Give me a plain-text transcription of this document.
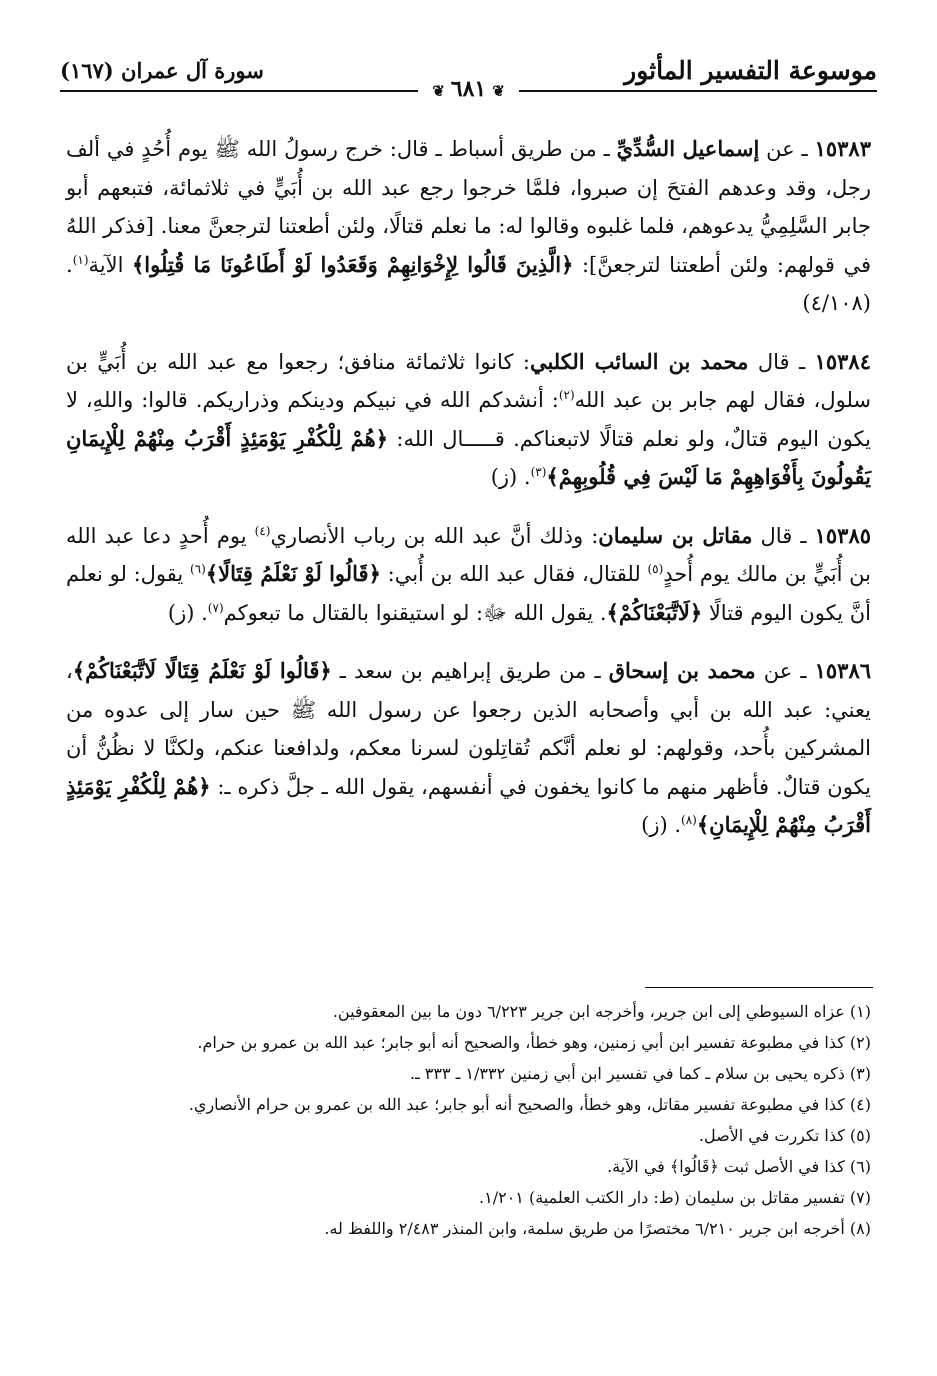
موسوعة التفسير المأثور
❦٦٨١❦
سورة آل عمران (١٦٧)

١٥٣٨٣ ـ عن إسماعيل السُّدِّيِّ ـ من طريق أسباط ـ قال: خرج رسولُ الله ﷺ يوم أُحُدٍ في ألف رجل، وقد وعدهم الفتحَ إن صبروا، فلمَّا خرجوا رجع عبد الله بن أُبَيٍّ في ثلاثمائة، فتبعهم أبو جابر السَّلِمِيُّ يدعوهم، فلما غلبوه وقالوا له: ما نعلم قتالًا، ولئن أطعتنا لترجعنَّ معنا. [فذكر اللهُ في قولهم: ولئن أطعتنا لترجعنَّ]: ﴿الَّذِينَ قَالُوا لِإِخْوَانِهِمْ وَقَعَدُوا لَوْ أَطَاعُونَا مَا قُتِلُوا﴾ الآية$^{(١)}$. (٤/١٠٨)

١٥٣٨٤ ـ قال محمد بن السائب الكلبي: كانوا ثلاثمائة منافق؛ رجعوا مع عبد الله بن أُبَيٍّ بن سلول، فقال لهم جابر بن عبد الله$^{(٢)}$: أنشدكم الله في نبيكم ودينكم وذراريكم. قالوا: واللهِ، لا يكون اليوم قتالٌ، ولو نعلم قتالًا لاتبعناكم. قـــــال الله: ﴿هُمْ لِلْكُفْرِ يَوْمَئِذٍ أَقْرَبُ مِنْهُمْ لِلْإِيمَانِ يَقُولُونَ بِأَفْوَاهِهِمْ مَا لَيْسَ فِي قُلُوبِهِمْ﴾$^{(٣)}$. (ز)

١٥٣٨٥ ـ قال مقاتل بن سليمان: وذلك أنَّ عبد الله بن رباب الأنصاري$^{(٤)}$ يوم أُحدٍ دعا عبد الله بن أُبَيٍّ بن مالك يوم أُحدٍ$^{(٥)}$ للقتال، فقال عبد الله بن أُبي: ﴿قَالُوا لَوْ نَعْلَمُ قِتَالًا﴾$^{(٦)}$ يقول: لو نعلم أنَّ يكون اليوم قتالًا ﴿لَاتَّبَعْنَاكُمْ﴾. يقول الله ﷻ: لو استيقنوا بالقتال ما تبعوكم$^{(٧)}$. (ز)

١٥٣٨٦ ـ عن محمد بن إسحاق ـ من طريق إبراهيم بن سعد ـ ﴿قَالُوا لَوْ نَعْلَمُ قِتَالًا لَاتَّبَعْنَاكُمْ﴾، يعني: عبد الله بن أبي وأصحابه الذين رجعوا عن رسول الله ﷺ حين سار إلى عدوه من المشركين بأُحد، وقولهم: لو نعلم أنَّكم تُقاتِلون لسرنا معكم، ولدافعنا عنكم، ولكنَّا لا نظُنُّ أن يكون قتالٌ. فأظهر منهم ما كانوا يخفون في أنفسهم، يقول الله ـ جلَّ ذكره ـ: ﴿هُمْ لِلْكُفْرِ يَوْمَئِذٍ أَقْرَبُ مِنْهُمْ لِلْإِيمَانِ﴾$^{(٨)}$. (ز)

(١) عزاه السيوطي إلى ابن جرير، وأخرجه ابن جرير ٦/٢٢٣ دون ما بين المعقوفين.

(٢) كذا في مطبوعة تفسير ابن أبي زمنين، وهو خطأ، والصحيح أنه أبو جابر؛ عبد الله بن عمرو بن حرام.

(٣) ذكره يحيى بن سلام ـ كما في تفسير ابن أبي زمنين ١/٣٣٢ ـ ٣٣٣ ـ.

(٤) كذا في مطبوعة تفسير مقاتل، وهو خطأ، والصحيح أنه أبو جابر؛ عبد الله بن عمرو بن حرام الأنصاري.

(٥) كذا تكررت في الأصل.

(٦) كذا في الأصل ثبت ﴿قَالُوا﴾ في الآية.

(٧) تفسير مقاتل بن سليمان (ط: دار الكتب العلمية) ١/٢٠١.

(٨) أخرجه ابن جرير ٦/٢١٠ مختصرًا من طريق سلمة، وابن المنذر ٢/٤٨٣ واللفظ له.
